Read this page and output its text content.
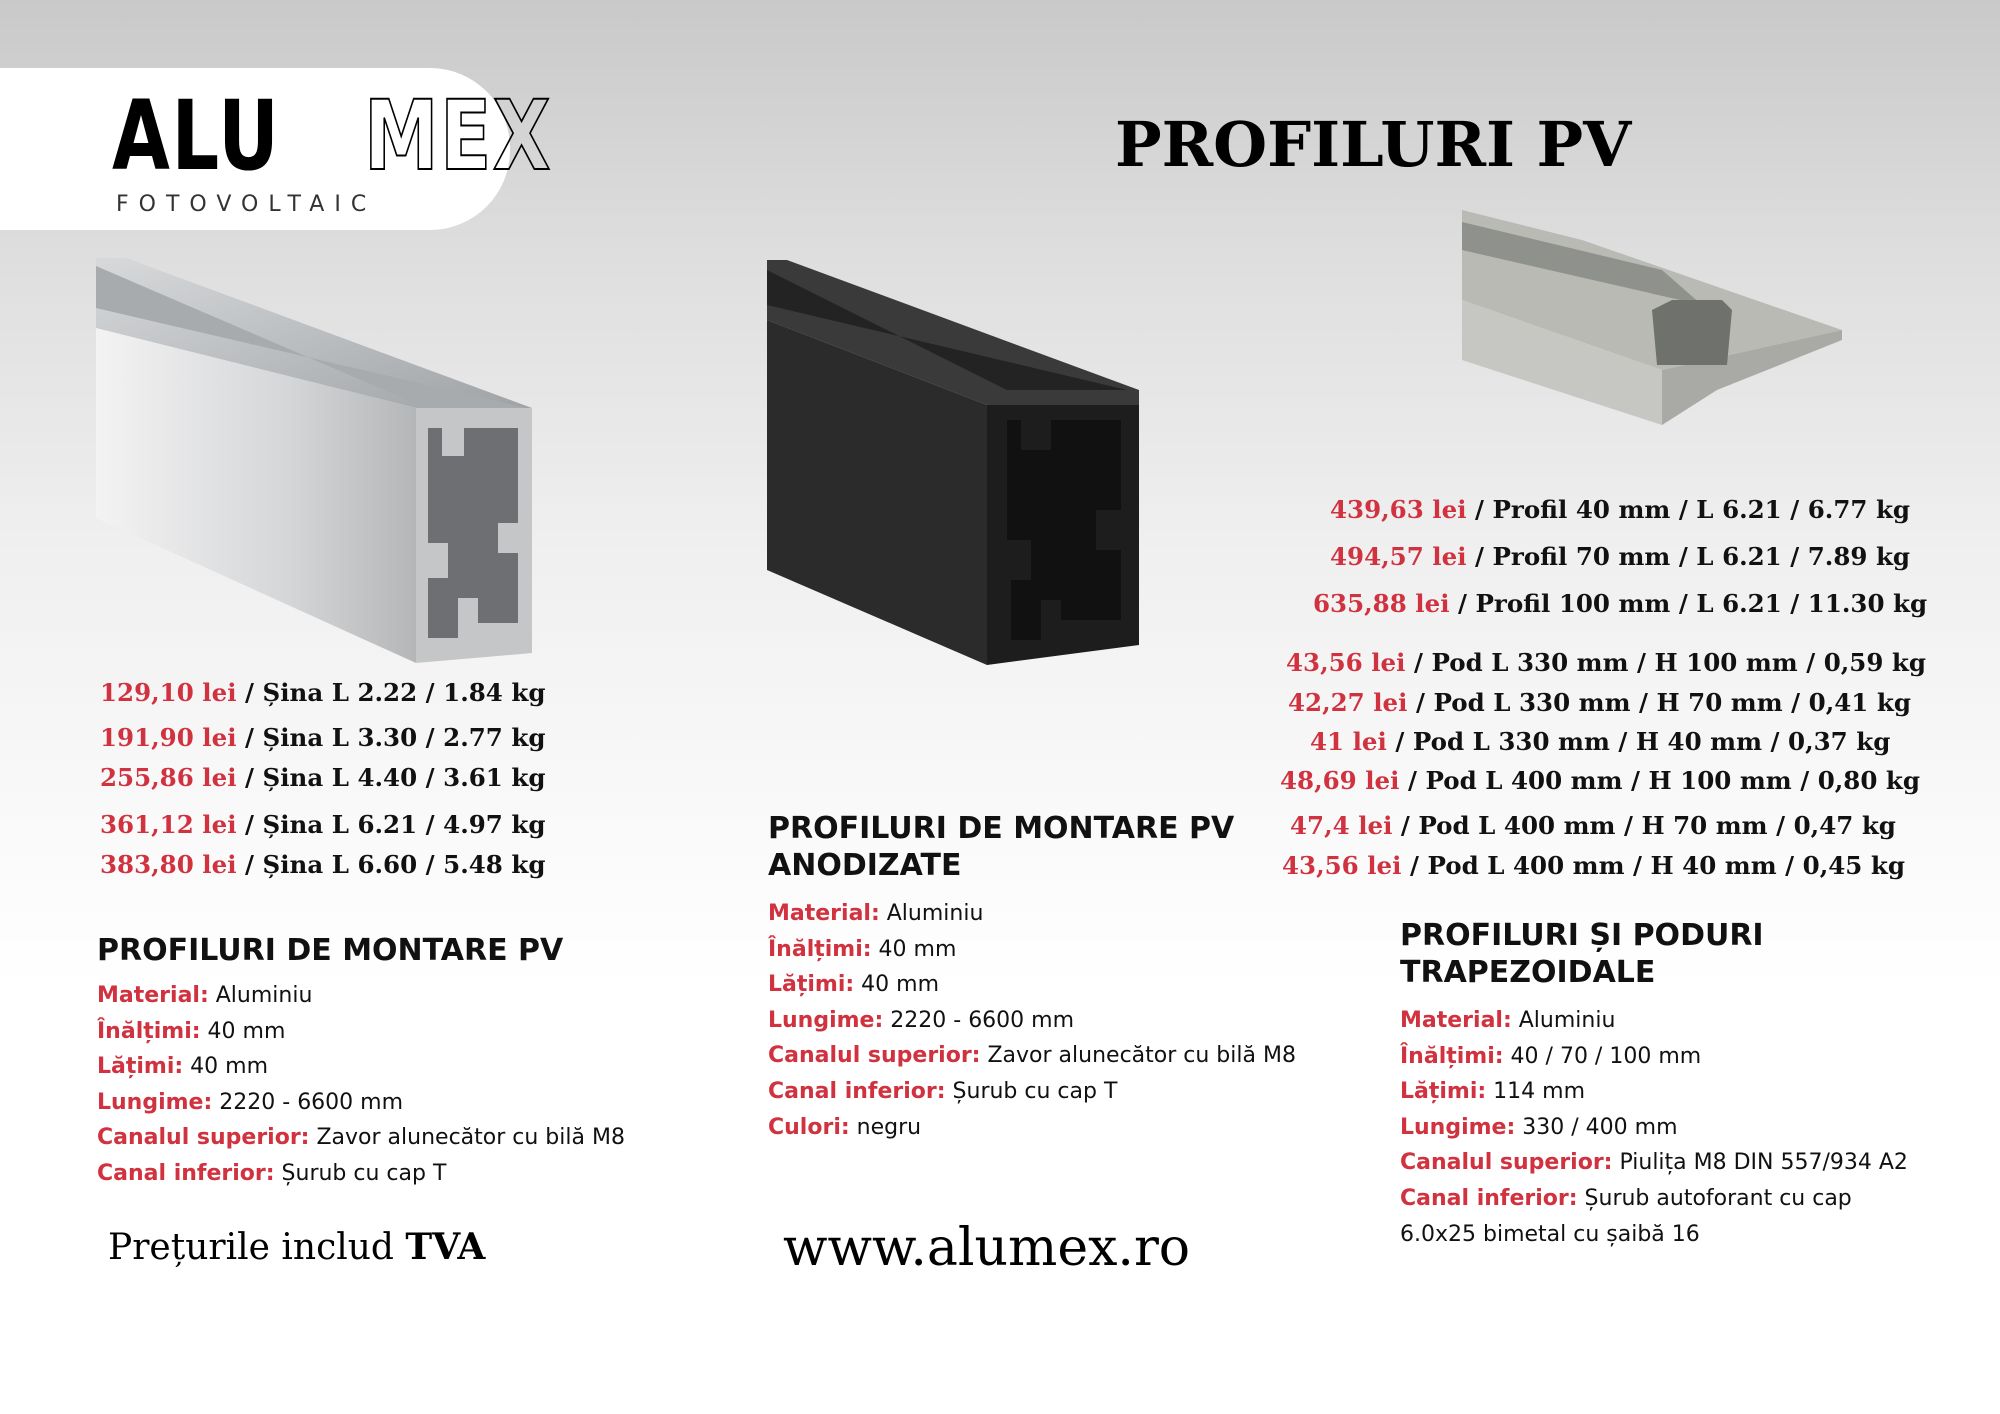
ALU MEX
FOTOVOLTAIC
PROFILURI PV
129,10 lei / Șina L 2.22 / 1.84 kg
191,90 lei / Șina L 3.30 / 2.77 kg
255,86 lei / Șina L 4.40 / 3.61 kg
361,12 lei / Șina L 6.21 / 4.97 kg
383,80 lei / Șina L 6.60 / 5.48 kg
439,63 lei / Profil 40 mm / L 6.21 / 6.77 kg
494,57 lei / Profil 70 mm / L 6.21 / 7.89 kg
635,88 lei / Profil 100 mm / L 6.21 / 11.30 kg
43,56 lei / Pod L 330 mm / H 100 mm / 0,59 kg
42,27 lei / Pod L 330 mm / H 70 mm / 0,41 kg
41 lei / Pod L 330 mm / H 40 mm / 0,37 kg
48,69 lei / Pod L 400 mm / H 100 mm / 0,80 kg
47,4 lei / Pod L 400 mm / H 70 mm / 0,47 kg
43,56 lei / Pod L 400 mm / H 40 mm / 0,45 kg
PROFILURI DE MONTARE PV
Material: Aluminiu
Înălțimi: 40 mm
Lățimi: 40 mm
Lungime: 2220 - 6600 mm
Canalul superior: Zavor alunecător cu bilă M8
Canal inferior: Șurub cu cap T
PROFILURI DE MONTARE PV
ANODIZATE
Material: Aluminiu
Înălțimi: 40 mm
Lățimi: 40 mm
Lungime: 2220 - 6600 mm
Canalul superior: Zavor alunecător cu bilă M8
Canal inferior: Șurub cu cap T
Culori: negru
PROFILURI ȘI PODURI
TRAPEZOIDALE
Material: Aluminiu
Înălțimi: 40 / 70 / 100 mm
Lățimi: 114 mm
Lungime: 330 / 400 mm
Canalul superior: Piulița M8 DIN 557/934 A2
Canal inferior: Șurub autoforant cu cap
6.0x25 bimetal cu șaibă 16
Prețurile includ TVA	www.alumex.ro
